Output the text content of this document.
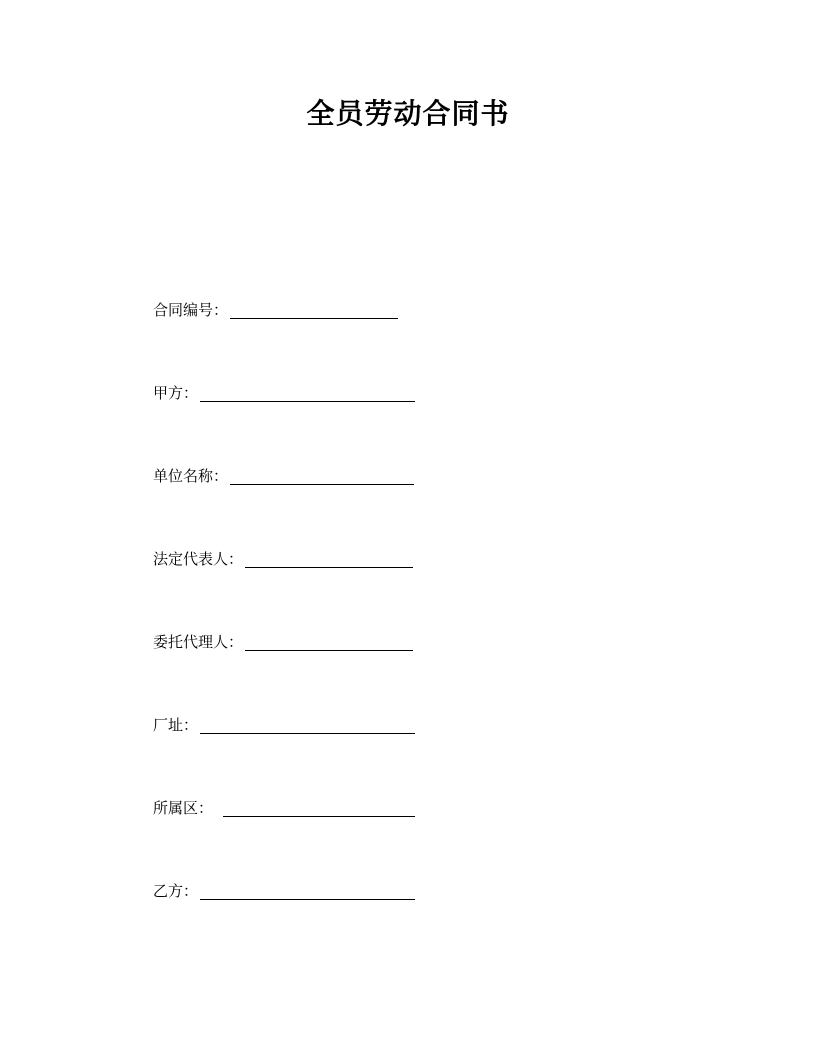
全员劳动合同书
合同编号：
甲方：
单位名称：
法定代表人：
委托代理人：
厂址：
所属区：
乙方：
